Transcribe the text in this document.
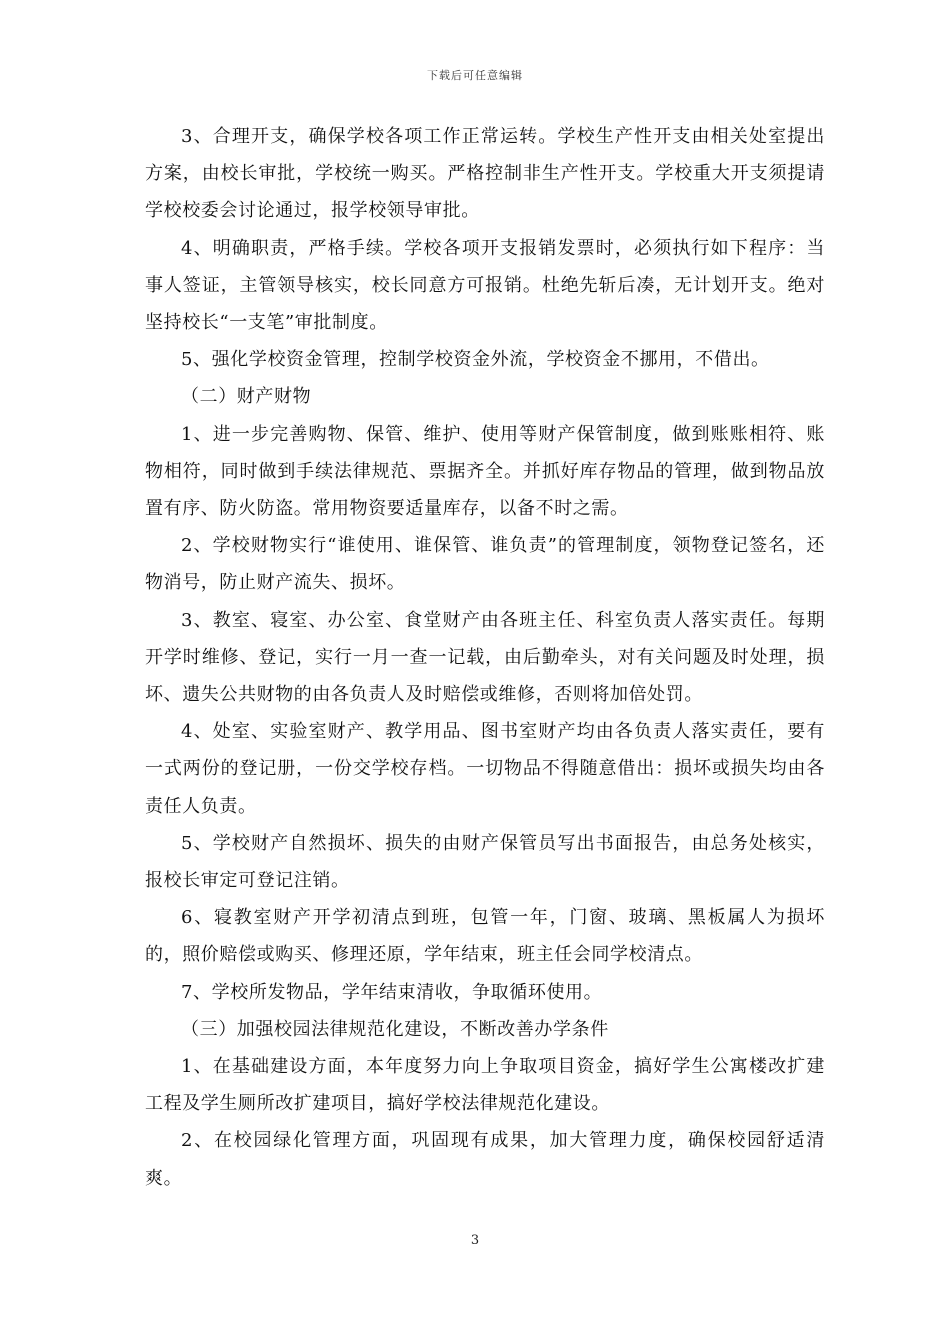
下载后可任意编辑

3、合理开支，确保学校各项工作正常运转。学校生产性开支由相关处室提出方案，由校长审批，学校统一购买。严格控制非生产性开支。学校重大开支须提请学校校委会讨论通过，报学校领导审批。

4、明确职责，严格手续。学校各项开支报销发票时，必须执行如下程序：当事人签证，主管领导核实，校长同意方可报销。杜绝先斩后凑，无计划开支。绝对坚持校长“一支笔”审批制度。

5、强化学校资金管理，控制学校资金外流，学校资金不挪用，不借出。

（二）财产财物

1、进一步完善购物、保管、维护、使用等财产保管制度，做到账账相符、账物相符，同时做到手续法律规范、票据齐全。并抓好库存物品的管理，做到物品放置有序、防火防盗。常用物资要适量库存，以备不时之需。

2、学校财物实行“谁使用、谁保管、谁负责”的管理制度，领物登记签名，还物消号，防止财产流失、损坏。

3、教室、寝室、办公室、食堂财产由各班主任、科室负责人落实责任。每期开学时维修、登记，实行一月一查一记载，由后勤牵头，对有关问题及时处理，损坏、遗失公共财物的由各负责人及时赔偿或维修，否则将加倍处罚。

4、处室、实验室财产、教学用品、图书室财产均由各负责人落实责任，要有一式两份的登记册，一份交学校存档。一切物品不得随意借出：损坏或损失均由各责任人负责。

5、学校财产自然损坏、损失的由财产保管员写出书面报告，由总务处核实，报校长审定可登记注销。

6、寝教室财产开学初清点到班，包管一年，门窗、玻璃、黑板属人为损坏的，照价赔偿或购买、修理还原，学年结束，班主任会同学校清点。

7、学校所发物品，学年结束清收，争取循环使用。

（三）加强校园法律规范化建设，不断改善办学条件

1、在基础建设方面，本年度努力向上争取项目资金，搞好学生公寓楼改扩建工程及学生厕所改扩建项目，搞好学校法律规范化建设。

2、在校园绿化管理方面，巩固现有成果，加大管理力度，确保校园舒适清爽。

3
